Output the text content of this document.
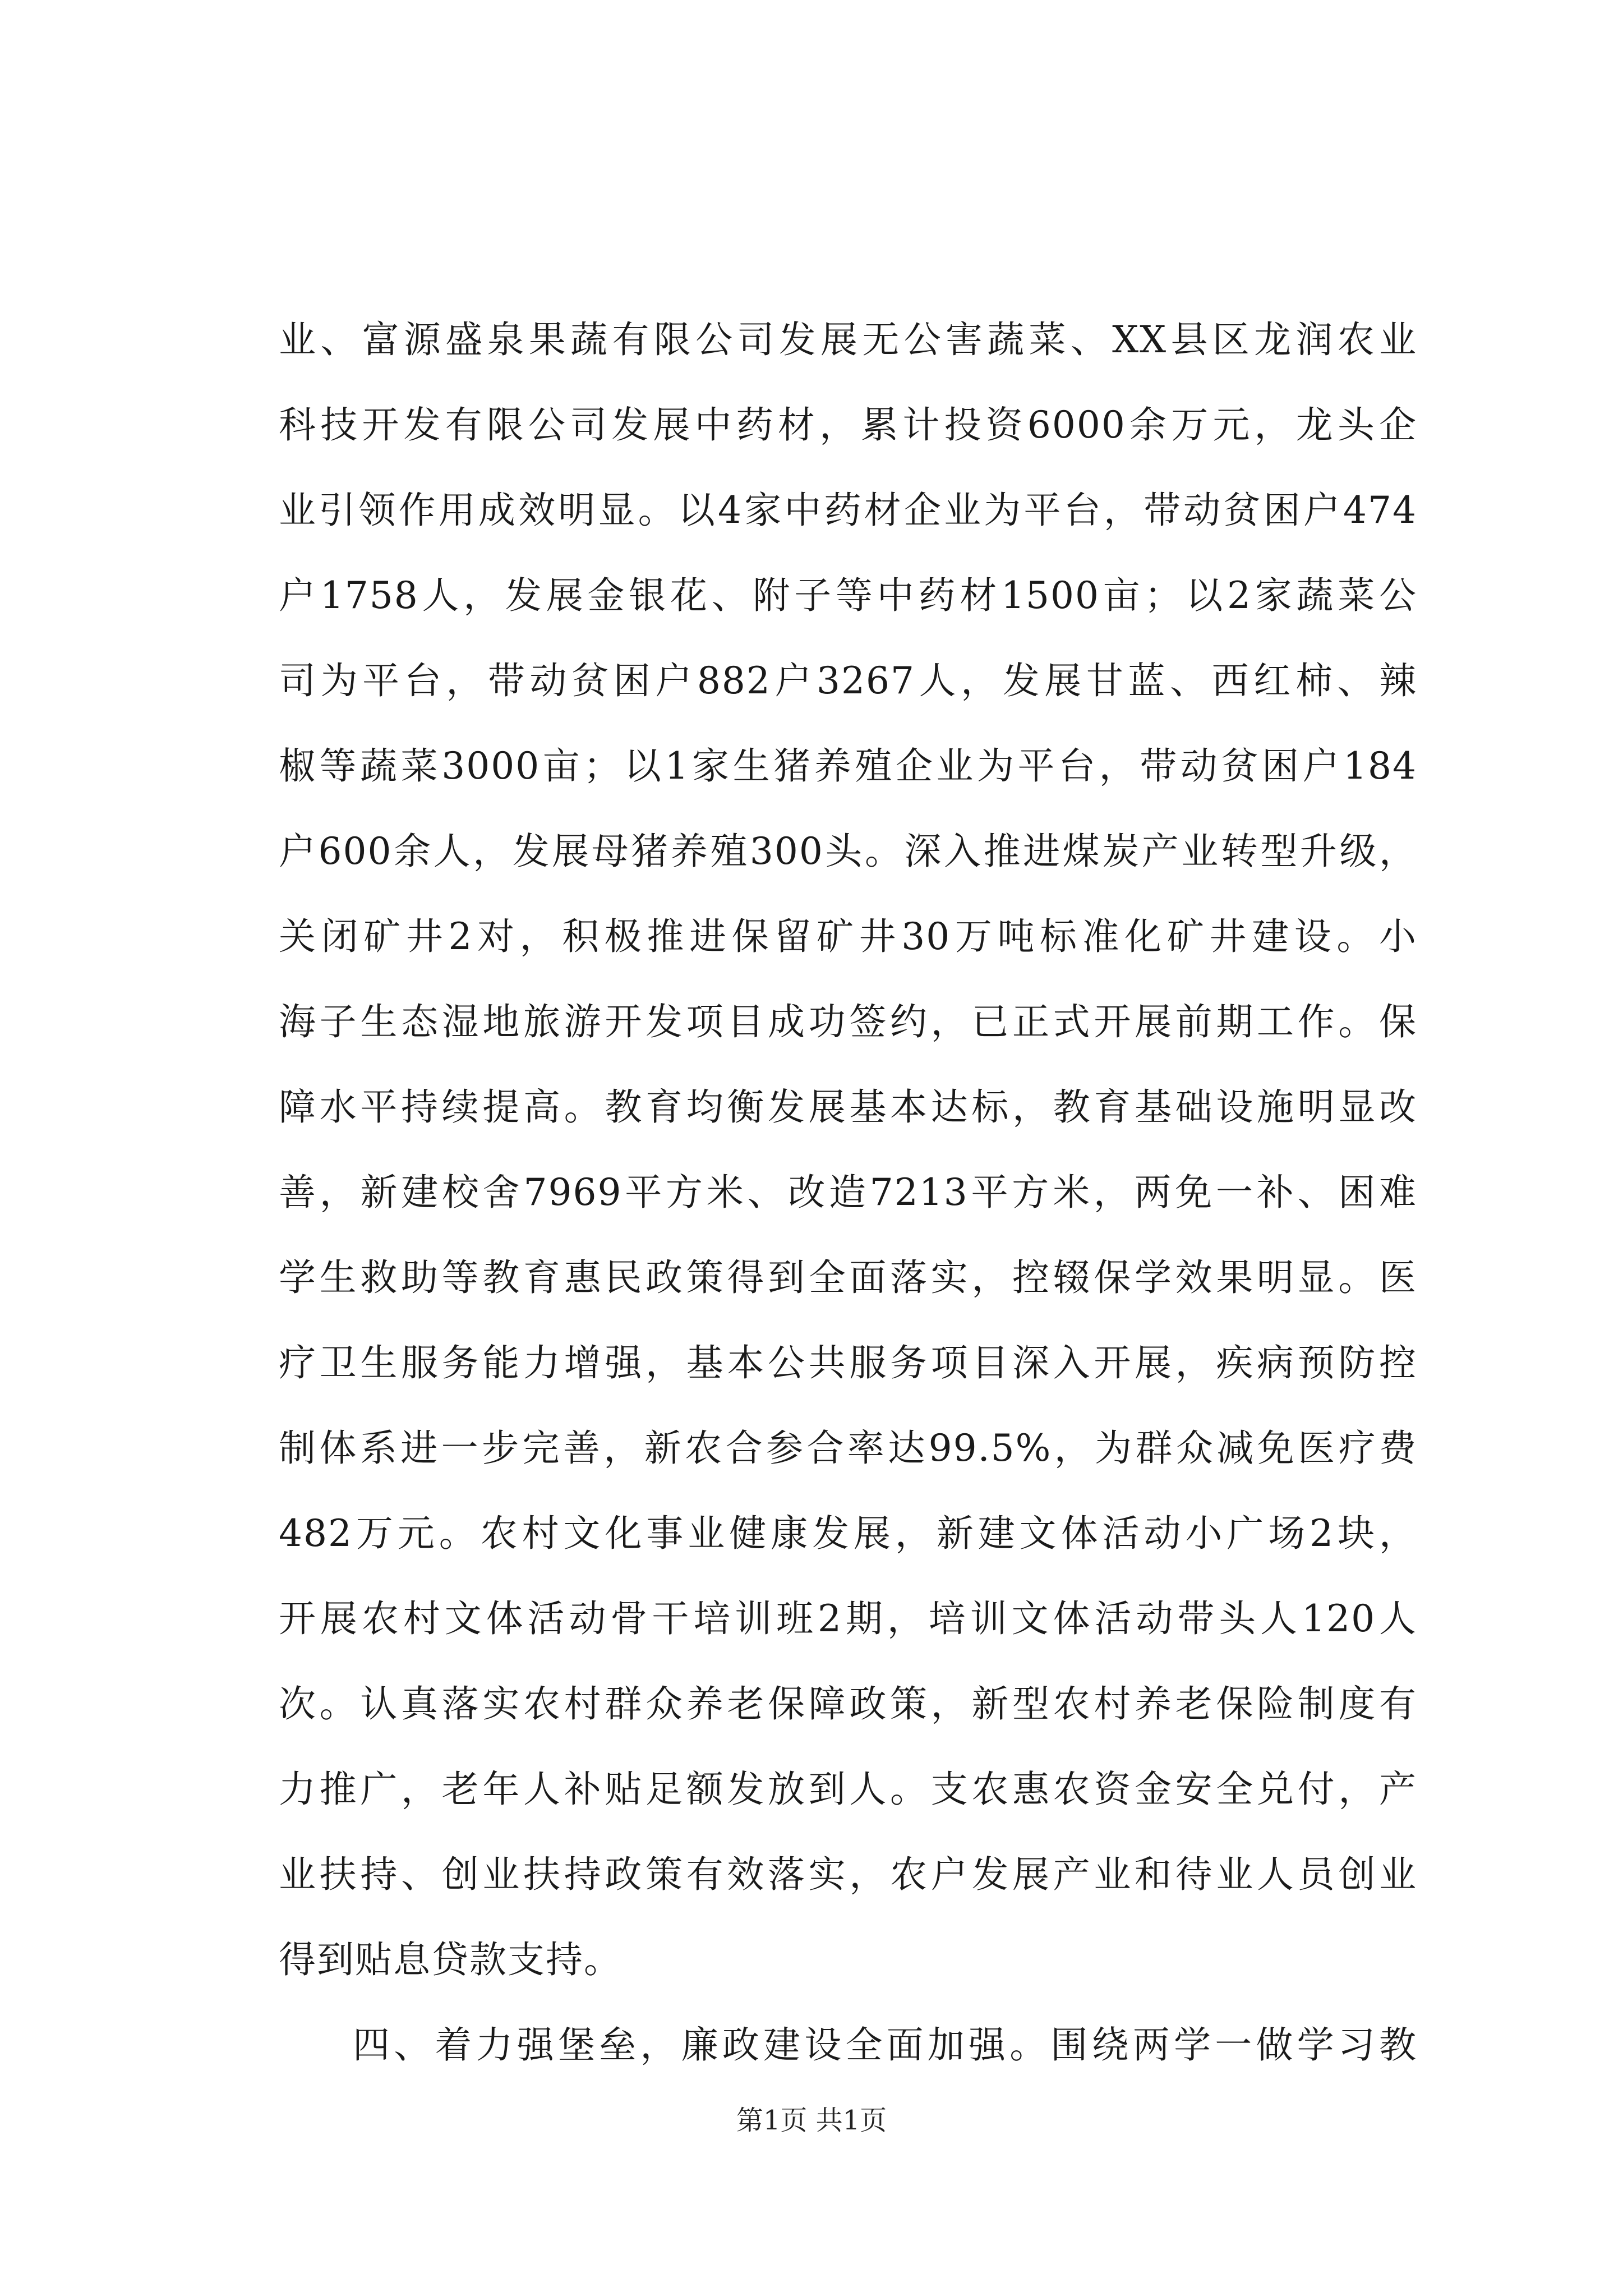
业、富源盛泉果蔬有限公司发展无公害蔬菜、XX县区龙润农业
科技开发有限公司发展中药材，累计投资6000余万元，龙头企
业引领作用成效明显。以4家中药材企业为平台，带动贫困户474
户1758人，发展金银花、附子等中药材1500亩；以2家蔬菜公
司为平台，带动贫困户882户3267人，发展甘蓝、西红柿、辣
椒等蔬菜3000亩；以1家生猪养殖企业为平台，带动贫困户184
户600余人，发展母猪养殖300头。深入推进煤炭产业转型升级，
关闭矿井2对，积极推进保留矿井30万吨标准化矿井建设。小
海子生态湿地旅游开发项目成功签约，已正式开展前期工作。保
障水平持续提高。教育均衡发展基本达标，教育基础设施明显改
善，新建校舍7969平方米、改造7213平方米，两免一补、困难
学生救助等教育惠民政策得到全面落实，控辍保学效果明显。医
疗卫生服务能力增强，基本公共服务项目深入开展，疾病预防控
制体系进一步完善，新农合参合率达99.5%，为群众减免医疗费
482万元。农村文化事业健康发展，新建文体活动小广场2块，
开展农村文体活动骨干培训班2期，培训文体活动带头人120人
次。认真落实农村群众养老保障政策，新型农村养老保险制度有
力推广，老年人补贴足额发放到人。支农惠农资金安全兑付，产
业扶持、创业扶持政策有效落实，农户发展产业和待业人员创业
得到贴息贷款支持。
四、着力强堡垒，廉政建设全面加强。围绕两学一做学习教
第1页 共1页
